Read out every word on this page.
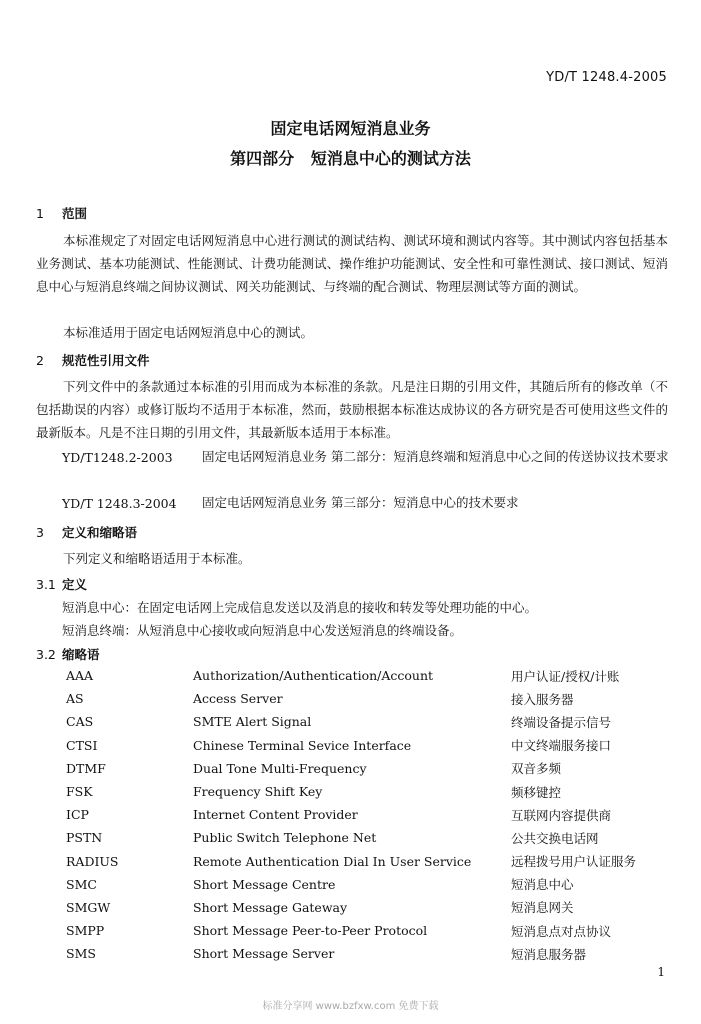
YD/T 1248.4-2005
固定电话网短消息业务
第四部分   短消息中心的测试方法
1 范围
本标准规定了对固定电话网短消息中心进行测试的测试结构、测试环境和测试内容等。其中测试内容包括基本业务测试、基本功能测试、性能测试、计费功能测试、操作维护功能测试、安全性和可靠性测试、接口测试、短消息中心与短消息终端之间协议测试、网关功能测试、与终端的配合测试、物理层测试等方面的测试。
本标准适用于固定电话网短消息中心的测试。
2 规范性引用文件
下列文件中的条款通过本标准的引用而成为本标准的条款。凡是注日期的引用文件，其随后所有的修改单（不包括勘误的内容）或修订版均不适用于本标准，然而，鼓励根据本标准达成协议的各方研究是否可使用这些文件的最新版本。凡是不注日期的引用文件，其最新版本适用于本标准。
YD/T1248.2-2003 固定电话网短消息业务 第二部分：短消息终端和短消息中心之间的传送协议技术要求
YD/T 1248.3-2004 固定电话网短消息业务 第三部分：短消息中心的技术要求
3 定义和缩略语
下列定义和缩略语适用于本标准。
3.1 定义
短消息中心：在固定电话网上完成信息发送以及消息的接收和转发等处理功能的中心。
短消息终端：从短消息中心接收或向短消息中心发送短消息的终端设备。
3.2 缩略语
AAA	Authorization/Authentication/Account	用户认证/授权/计账
AS	Access Server	接入服务器
CAS	SMTE Alert Signal	终端设备提示信号
CTSI	Chinese Terminal Sevice Interface	中文终端服务接口
DTMF	Dual Tone Multi-Frequency	双音多频
FSK	Frequency Shift Key	频移键控
ICP	Internet Content Provider	互联网内容提供商
PSTN	Public Switch Telephone Net	公共交换电话网
RADIUS	Remote Authentication Dial In User Service	远程拨号用户认证服务
SMC	Short Message Centre	短消息中心
SMGW	Short Message Gateway	短消息网关
SMPP	Short Message Peer-to-Peer Protocol	短消息点对点协议
SMS	Short Message Server	短消息服务器
1
标准分享网 www.bzfxw.com 免费下载
